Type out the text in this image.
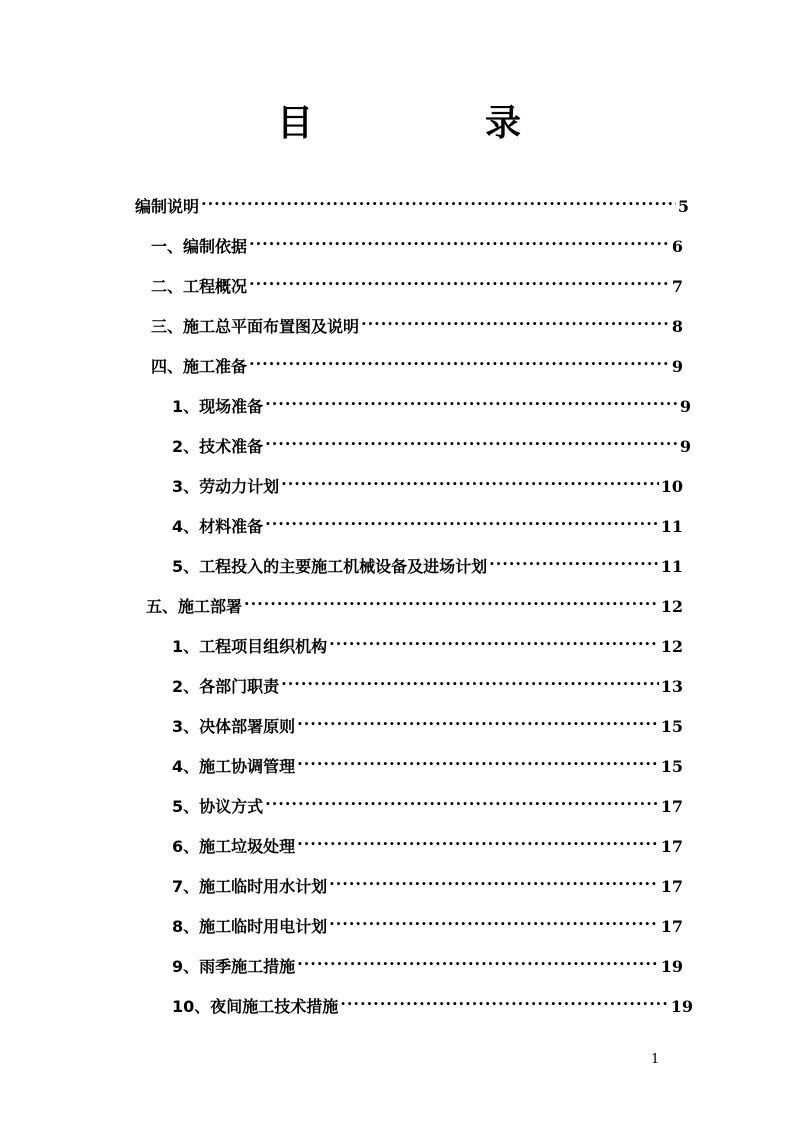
目　录
编制说明 .....	5
一、编制依据 .....	6
二、工程概况 .....	7
三、施工总平面布置图及说明 .....	8
四、施工准备 .....	9
1、现场准备 .....	9
2、技术准备 .....	9
3、劳动力计划 .....	10
4、材料准备 .....	11
5、工程投入的主要施工机械设备及进场计划 .....	11
五、施工部署 .....	12
1、工程项目组织机构 .....	12
2、各部门职责 .....	13
3、决体部署原则 .....	15
4、施工协调管理 .....	15
5、协议方式 .....	17
6、施工垃圾处理 .....	17
7、施工临时用水计划 .....	17
8、施工临时用电计划 .....	17
9、雨季施工措施 .....	19
10、夜间施工技术措施 .....	19
1
